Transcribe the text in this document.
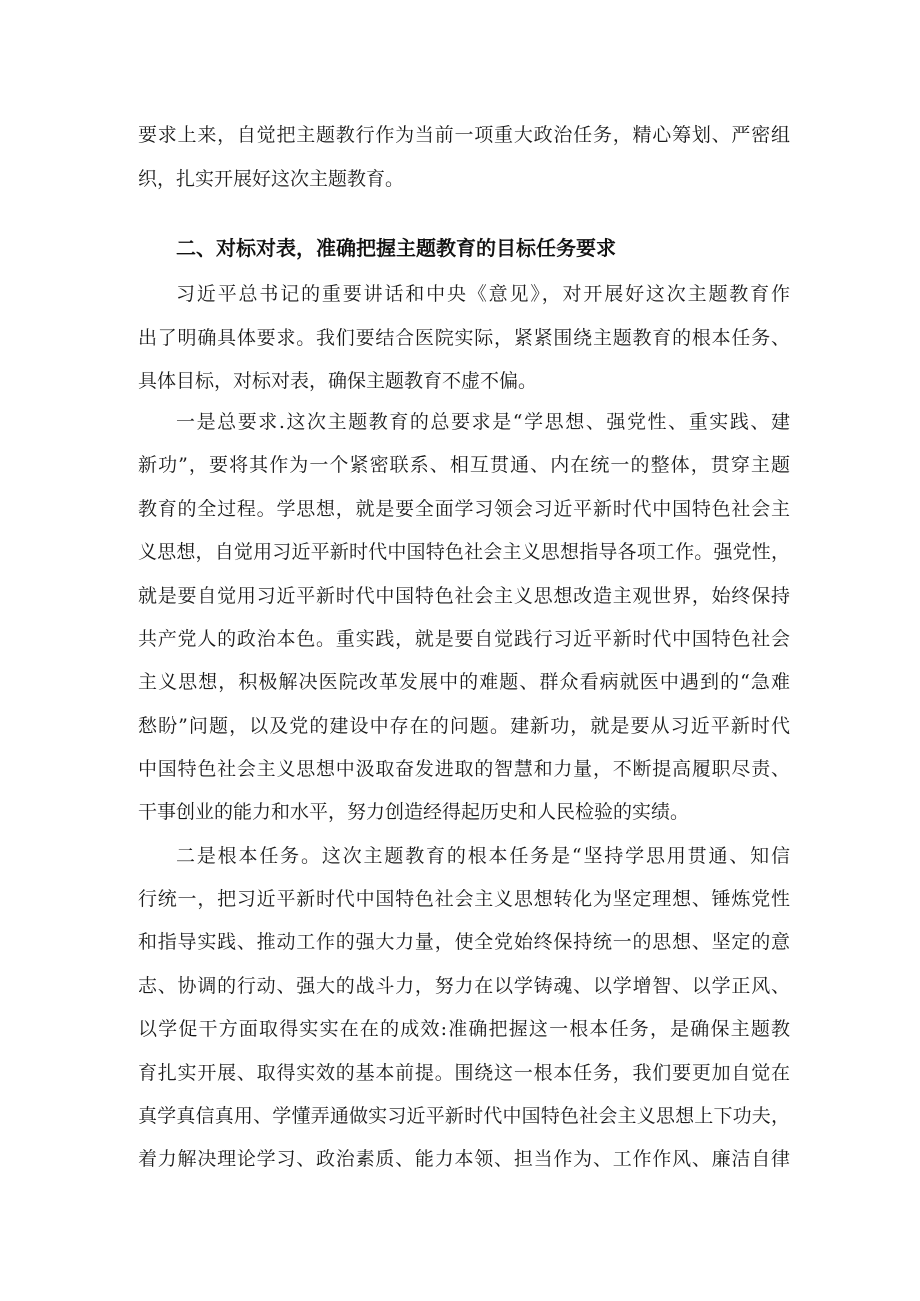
要求上来，自觉把主题教行作为当前一项重大政治任务，精心筹划、严密组

织，扎实开展好这次主题教育。

二、对标对表，准确把握主题教育的目标任务要求

习近平总书记的重要讲话和中央《意见》，对开展好这次主题教育作

出了明确具体要求。我们要结合医院实际，紧紧围绕主题教育的根本任务、

具体目标，对标对表，确保主题教育不虚不偏。

一是总要求.这次主题教育的总要求是“学思想、强党性、重实践、建

新功”，要将其作为一个紧密联系、相互贯通、内在统一的整体，贯穿主题

教育的全过程。学思想，就是要全面学习领会习近平新时代中国特色社会主

义思想，自觉用习近平新时代中国特色社会主义思想指导各项工作。强党性，

就是要自觉用习近平新时代中国特色社会主义思想改造主观世界，始终保持

共产党人的政治本色。重实践，就是要自觉践行习近平新时代中国特色社会

主义思想，积极解决医院改革发展中的难题、群众看病就医中遇到的“急难

愁盼”问题，以及党的建设中存在的问题。建新功，就是要从习近平新时代

中国特色社会主义思想中汲取奋发进取的智慧和力量，不断提高履职尽责、

干事创业的能力和水平，努力创造经得起历史和人民检验的实绩。

二是根本任务。这次主题教育的根本任务是“坚持学思用贯通、知信

行统一，把习近平新时代中国特色社会主义思想转化为坚定理想、锤炼党性

和指导实践、推动工作的强大力量，使全党始终保持统一的思想、坚定的意

志、协调的行动、强大的战斗力，努力在以学铸魂、以学增智、以学正风、

以学促干方面取得实实在在的成效:准确把握这一根本任务，是确保主题教

育扎实开展、取得实效的基本前提。围绕这一根本任务，我们要更加自觉在

真学真信真用、学懂弄通做实习近平新时代中国特色社会主义思想上下功夫，

着力解决理论学习、政治素质、能力本领、担当作为、工作作风、廉洁自律
